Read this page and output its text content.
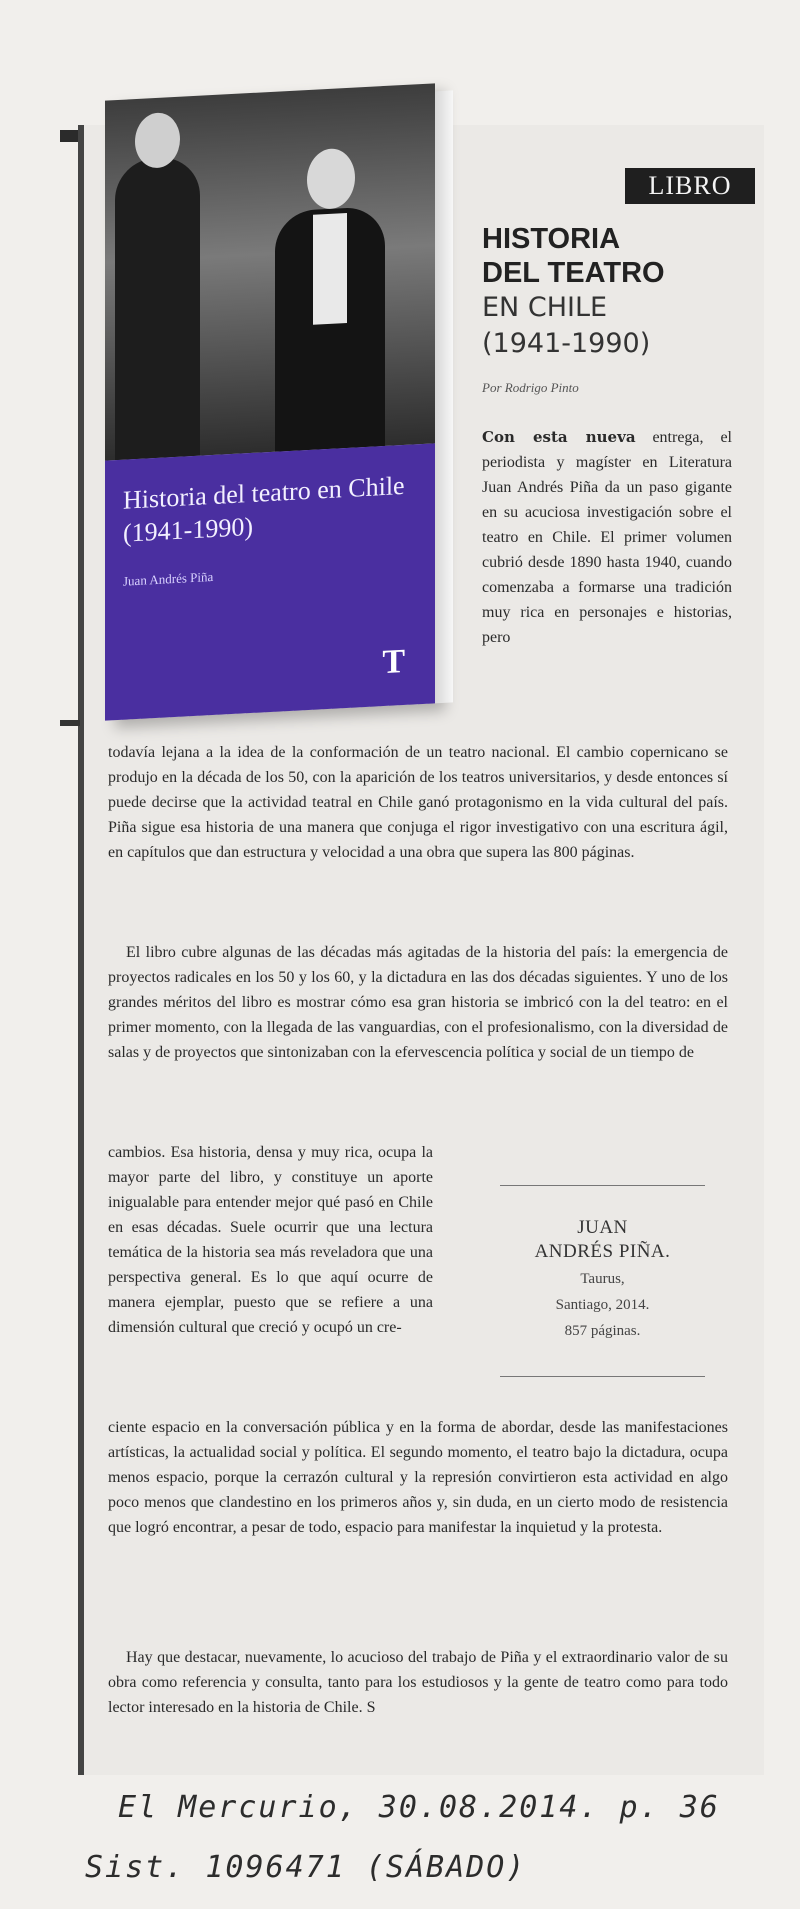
LIBRO

Historia del teatro en Chile (1941-1990)

Juan Andrés Piña
T
HISTORIA
DEL TEATRO
EN CHILE
(1941-1990)
Por Rodrigo Pinto

Con esta nueva entrega, el periodista y magíster en Literatura Juan Andrés Piña da un paso gigante en su acuciosa investigación sobre el teatro en Chile. El primer volumen cubrió desde 1890 hasta 1940, cuando comenzaba a formarse una tradición muy rica en personajes e historias, pero

todavía lejana a la idea de la conformación de un teatro nacional. El cambio copernicano se produjo en la década de los 50, con la aparición de los teatros universitarios, y desde entonces sí puede decirse que la actividad teatral en Chile ganó protagonismo en la vida cultural del país. Piña sigue esa historia de una manera que conjuga el rigor investigativo con una escritura ágil, en capítulos que dan estructura y velocidad a una obra que supera las 800 páginas.

El libro cubre algunas de las décadas más agitadas de la historia del país: la emergencia de proyectos radicales en los 50 y los 60, y la dictadura en las dos décadas siguientes. Y uno de los grandes méritos del libro es mostrar cómo esa gran historia se imbricó con la del teatro: en el primer momento, con la llegada de las vanguardias, con el profesionalismo, con la diversidad de salas y de proyectos que sintonizaban con la efervescencia política y social de un tiempo de

cambios. Esa historia, densa y muy rica, ocupa la mayor parte del libro, y constituye un aporte inigualable para entender mejor qué pasó en Chile en esas décadas. Suele ocurrir que una lectura temática de la historia sea más reveladora que una perspectiva general. Es lo que aquí ocurre de manera ejemplar, puesto que se refiere a una dimensión cultural que creció y ocupó un cre-

JUAN
ANDRÉS PIÑA.
Taurus,
Santiago, 2014.
857 páginas.

ciente espacio en la conversación pública y en la forma de abordar, desde las manifestaciones artísticas, la actualidad social y política. El segundo momento, el teatro bajo la dictadura, ocupa menos espacio, porque la cerrazón cultural y la represión convirtieron esta actividad en algo poco menos que clandestino en los primeros años y, sin duda, en un cierto modo de resistencia que logró encontrar, a pesar de todo, espacio para manifestar la inquietud y la protesta.

Hay que destacar, nuevamente, lo acucioso del trabajo de Piña y el extraordinario valor de su obra como referencia y consulta, tanto para los estudiosos y la gente de teatro como para todo lector interesado en la historia de Chile. S

El Mercurio, 30.08.2014. p. 36
Sist. 1096471 (SÁBADO)
